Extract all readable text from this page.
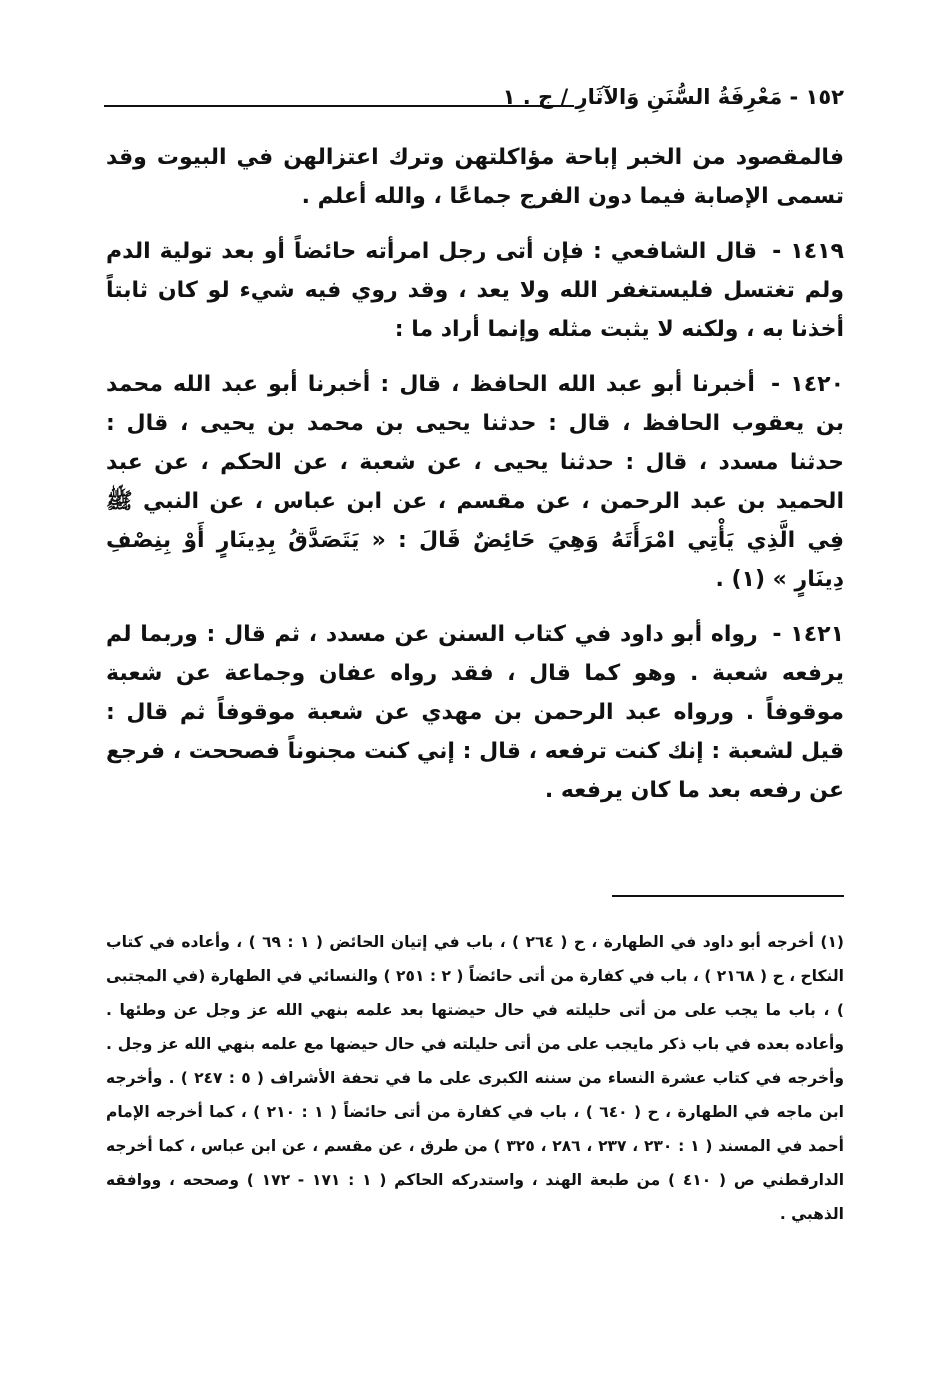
١٥٢ - مَعْرِفَةُ السُّنَنِ وَالآثَارِ / ج . ١

فالمقصود من الخبر إباحة مؤاكلتهن وترك اعتزالهن في البيوت وقد تسمى الإصابة فيما دون الفرج جماعًا ، والله أعلم .

١٤١٩ - قال الشافعي : فإن أتى رجل امرأته حائضاً أو بعد تولية الدم ولم تغتسل فليستغفر الله ولا يعد ، وقد روي فيه شيء لو كان ثابتاً أخذنا به ، ولكنه لا يثبت مثله وإنما أراد ما :

١٤٢٠ - أخبرنا أبو عبد الله الحافظ ، قال : أخبرنا أبو عبد الله محمد بن يعقوب الحافظ ، قال : حدثنا يحيى بن محمد بن يحيى ، قال : حدثنا مسدد ، قال : حدثنا يحيى ، عن شعبة ، عن الحكم ، عن عبد الحميد بن عبد الرحمن ، عن مقسم ، عن ابن عباس ، عن النبي ﷺ فِي الَّذِي يَأْتِي امْرَأَتَهُ وَهِيَ حَائِضٌ قَالَ : « يَتَصَدَّقُ بِدِينَارٍ أَوْ بِنِصْفِ دِينَارٍ » (١) .

١٤٢١ - رواه أبو داود في كتاب السنن عن مسدد ، ثم قال : وربما لم يرفعه شعبة . وهو كما قال ، فقد رواه عفان وجماعة عن شعبة موقوفاً . ورواه عبد الرحمن بن مهدي عن شعبة موقوفاً ثم قال : قيل لشعبة : إنك كنت ترفعه ، قال : إني كنت مجنوناً فصححت ، فرجع عن رفعه بعد ما كان يرفعه .

(١) أخرجه أبو داود في الطهارة ، ح ( ٢٦٤ ) ، باب في إتيان الحائض ( ١ : ٦٩ ) ، وأعاده في كتاب النكاح ، ح ( ٢١٦٨ ) ، باب في كفارة من أتى حائضاً ( ٢ : ٢٥١ ) والنسائي في الطهارة (في المجتبى ) ، باب ما يجب على من أتى حليلته في حال حيضتها بعد علمه بنهي الله عز وجل عن وطئها . وأعاده بعده في باب ذكر مايجب على من أتى حليلته في حال حيضها مع علمه بنهي الله عز وجل . وأخرجه في كتاب عشرة النساء من سننه الكبرى على ما في تحفة الأشراف ( ٥ : ٢٤٧ ) . وأخرجه ابن ماجه في الطهارة ، ح ( ٦٤٠ ) ، باب في كفارة من أتى حائضاً ( ١ : ٢١٠ ) ، كما أخرجه الإمام أحمد في المسند ( ١ : ٢٣٠ ، ٢٣٧ ، ٢٨٦ ، ٣٢٥ ) من طرق ، عن مقسم ، عن ابن عباس ، كما أخرجه الدارقطني ص ( ٤١٠ ) من طبعة الهند ، واستدركه الحاكم ( ١ : ١٧١ - ١٧٢ ) وصححه ، ووافقه الذهبي .
